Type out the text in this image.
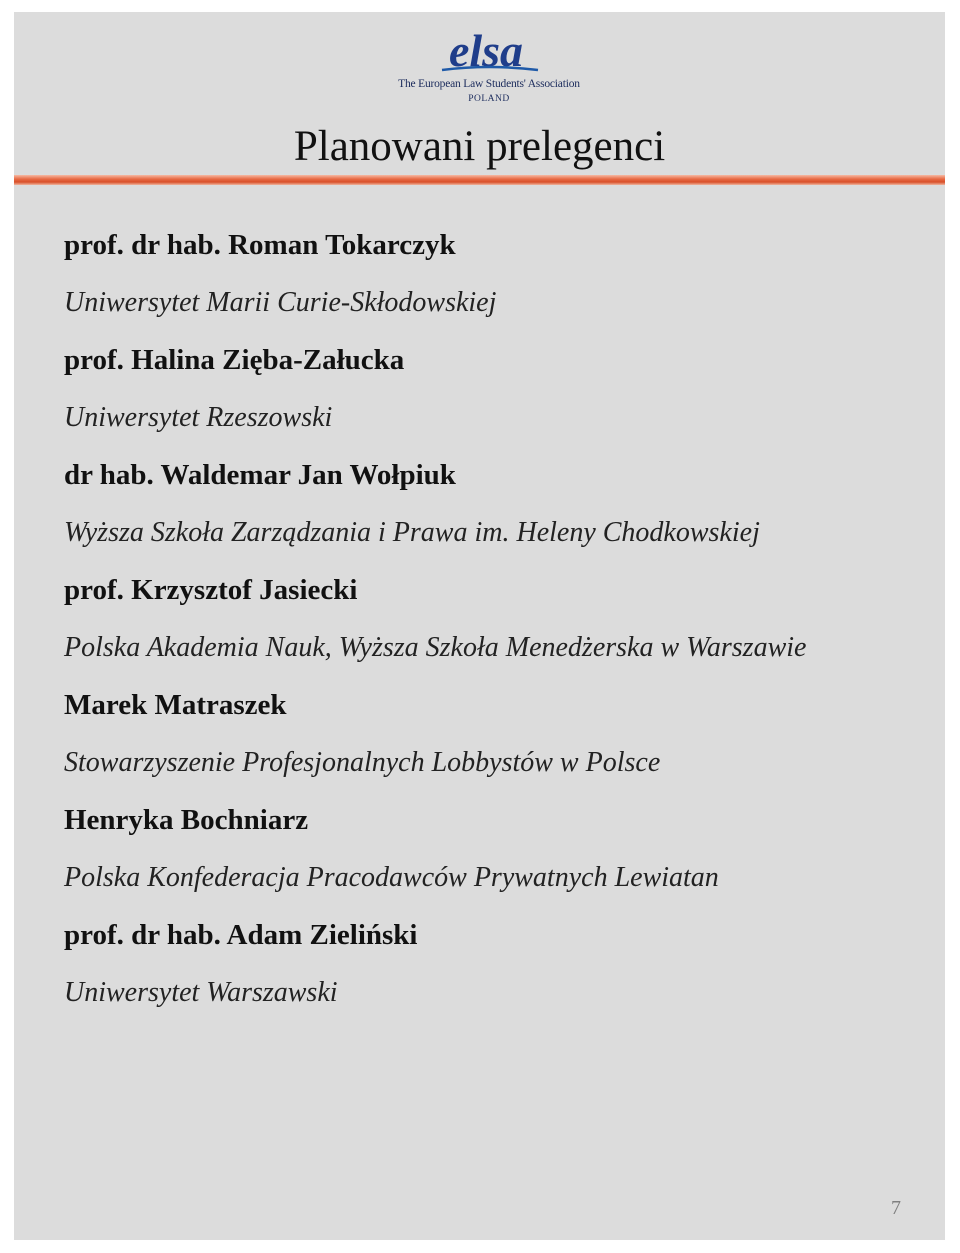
elsa
The European Law Students' Association
POLAND
Planowani prelegenci
prof. dr hab. Roman Tokarczyk
Uniwersytet Marii Curie-Skłodowskiej
prof. Halina Zięba-Załucka
Uniwersytet Rzeszowski
dr hab. Waldemar Jan Wołpiuk
Wyższa Szkoła Zarządzania i Prawa im. Heleny Chodkowskiej
prof. Krzysztof Jasiecki
Polska Akademia Nauk, Wyższa Szkoła Menedżerska w Warszawie
Marek Matraszek
Stowarzyszenie Profesjonalnych Lobbystów w Polsce
Henryka Bochniarz
Polska Konfederacja Pracodawców Prywatnych Lewiatan
prof. dr hab. Adam Zieliński
Uniwersytet Warszawski
7
